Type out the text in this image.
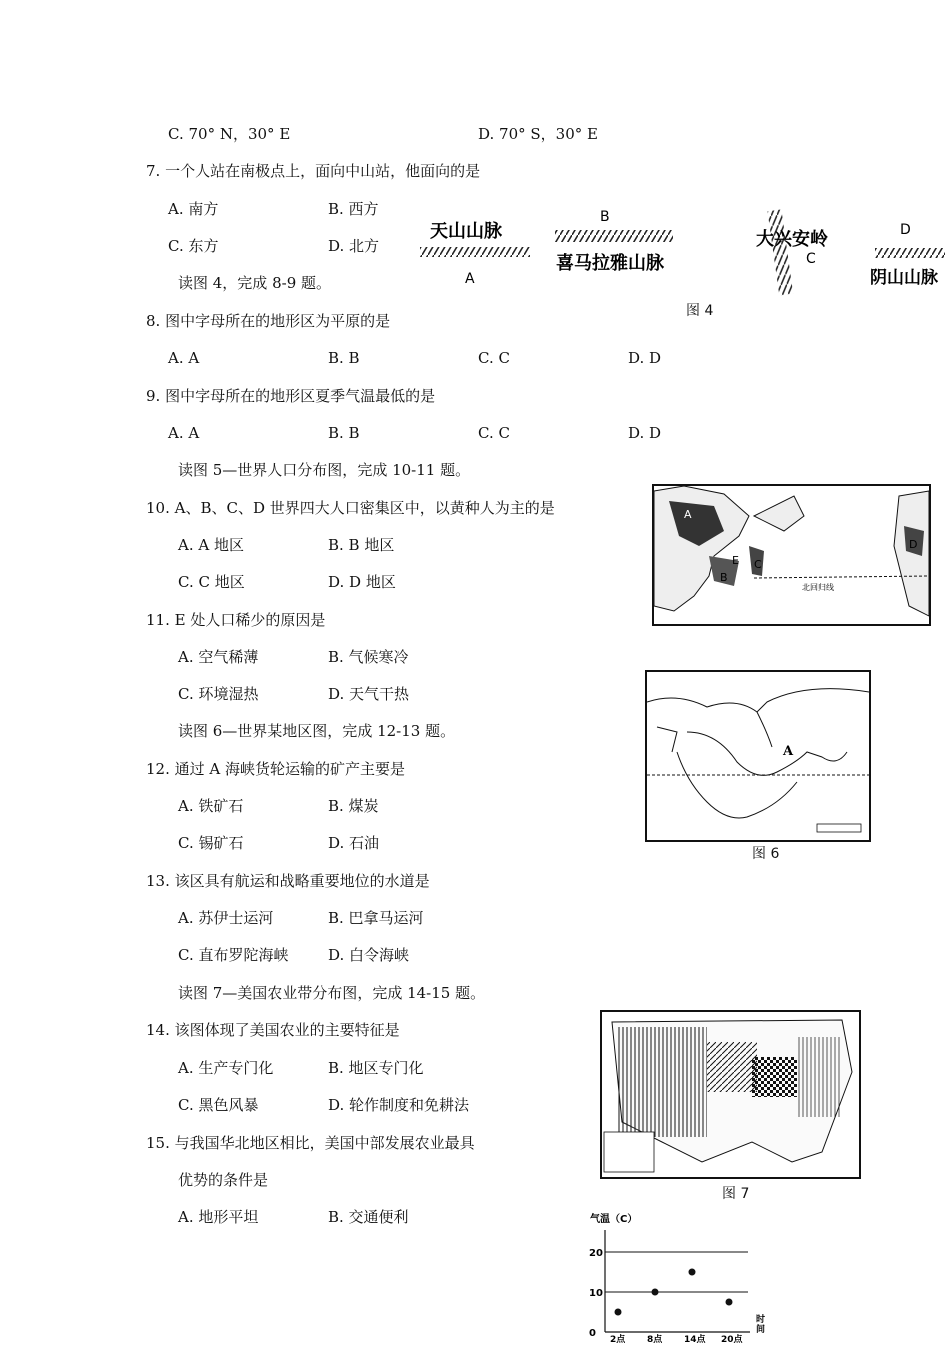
C. 70° N，30° E	D. 70° S，30° E
7. 一个人站在南极点上，面向中山站，他面向的是
A. 南方	B. 西方
C. 东方	D. 北方
读图 4，完成 8-9 题。
天山山脉
A
B
喜马拉雅山脉
大兴安岭
C
D
阴山山脉
图 4
8. 图中字母所在的地形区为平原的是
A. A	B. B	C. C	D. D
9. 图中字母所在的地形区夏季气温最低的是
A. A	B. B	C. C	D. D
读图 5—世界人口分布图，完成 10-11 题。
A
B
C
D
E
北回归线
10. A、B、C、D 世界四大人口密集区中，以黄种人为主的是
A. A 地区	B. B 地区
C. C 地区	D. D 地区
11. E 处人口稀少的原因是
A. 空气稀薄	B. 气候寒冷
C. 环境湿热	D. 天气干热
读图 6—世界某地区图，完成 12-13 题。
A
图 6
12. 通过 A 海峡货轮运输的矿产主要是
A. 铁矿石	B. 煤炭
C. 锡矿石	D. 石油
13. 该区具有航运和战略重要地位的水道是
A. 苏伊士运河	B. 巴拿马运河
C. 直布罗陀海峡	D. 白令海峡
读图 7—美国农业带分布图，完成 14-15 题。
图 7
14. 该图体现了美国农业的主要特征是
A. 生产专门化	B. 地区专门化
C. 黑色风暴	D. 轮作制度和免耕法
15. 与我国华北地区相比，美国中部发展农业最具
优势的条件是
A. 地形平坦	B. 交通便利	气温（C）
0
10
20
2点 8点 14点 20点
时
间
